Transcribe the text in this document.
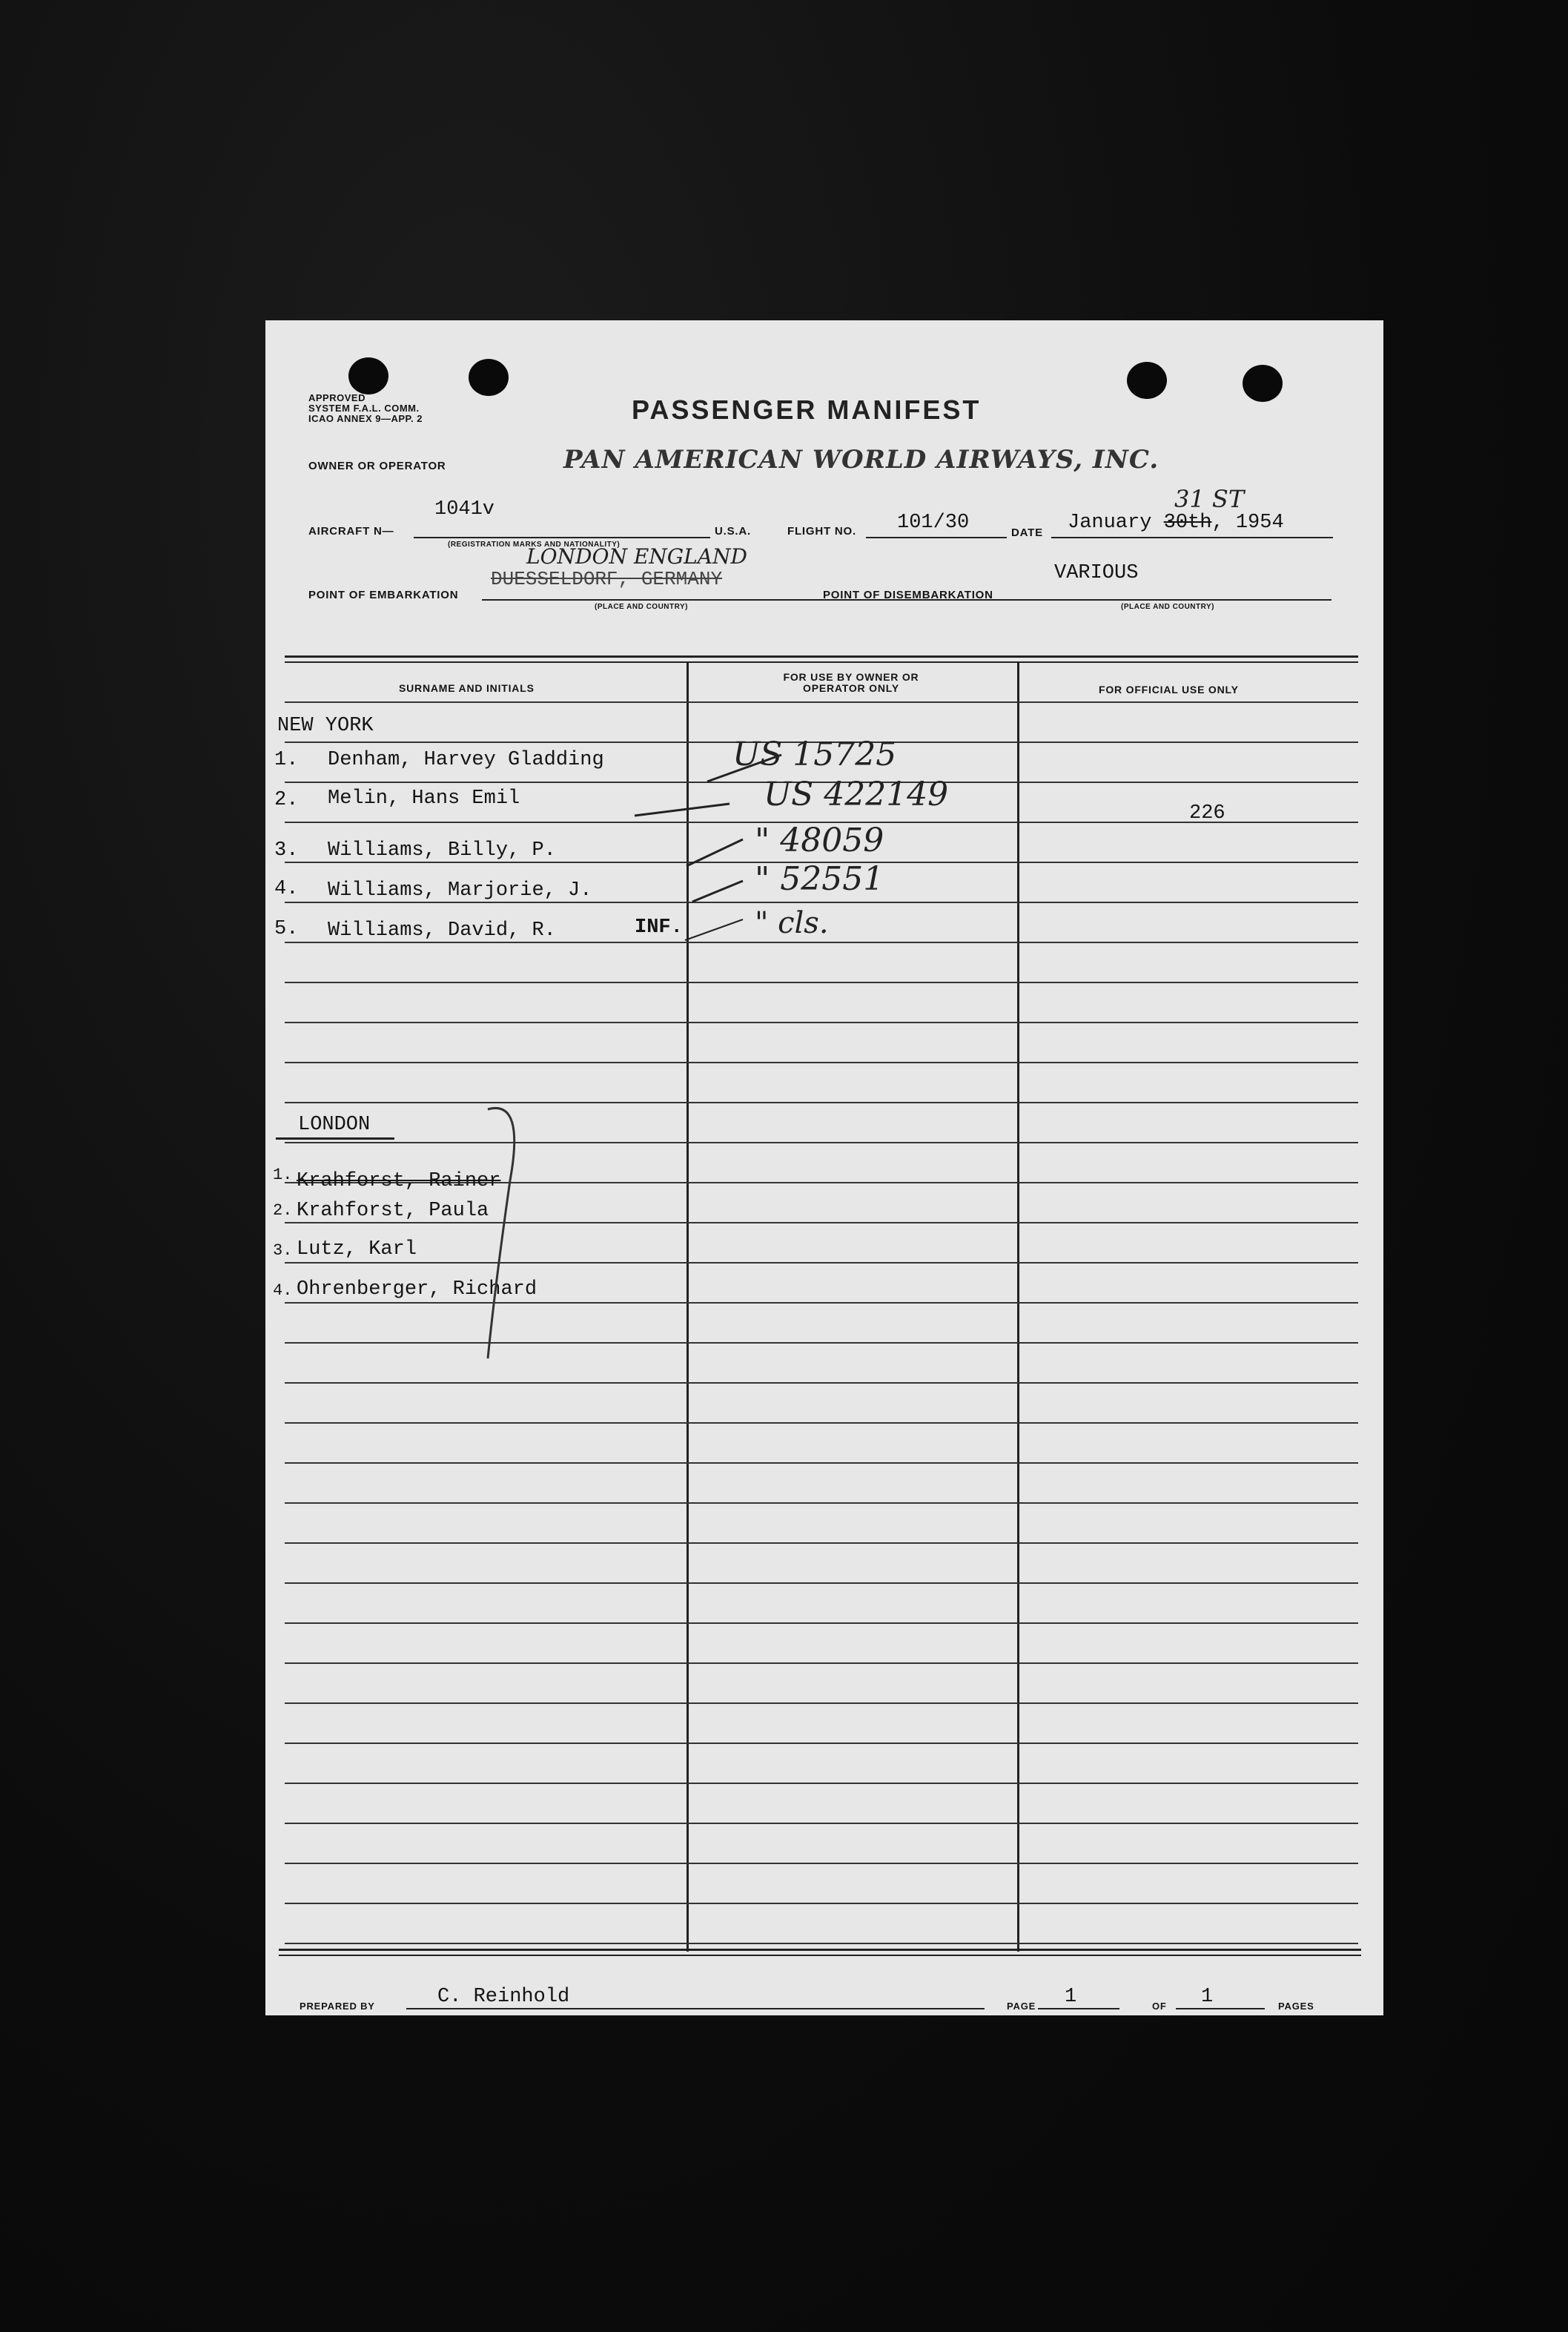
APPROVED
SYSTEM F.A.L. COMM.
ICAO ANNEX 9—APP. 2	PASSENGER MANIFEST
OWNER OR OPERATOR	PAN AMERICAN WORLD AIRWAYS, INC.
AIRCRAFT N—
1041v
(REGISTRATION MARKS AND NATIONALITY)
U.S.A.	FLIGHT NO. 101/30	DATE January 30th, 1954
31 ST
LONDON ENGLAND
DUESSELDORF, GERMANY
POINT OF EMBARKATION
(PLACE AND COUNTRY)
POINT OF DISEMBARKATION
VARIOUS
(PLACE AND COUNTRY)
SURNAME AND INITIALS
FOR USE BY OWNER OR OPERATOR ONLY	FOR OFFICIAL USE ONLY
NEW YORK
1. Denham, Harvey Gladding	US 15725
2. Melin, Hans Emil	US 422149	226
3. Williams, Billy, P.	" 48059
4. Williams, Marjorie, J.	" 52551
5. Williams, David, R.	INF. " cls.
LONDON
1. Krahforst, Rainer
2. Krahforst, Paula
3. Lutz, Karl
4. Ohrenberger, Richard
PREPARED BY	C. Reinhold	PAGE 1	OF 1	PAGES
